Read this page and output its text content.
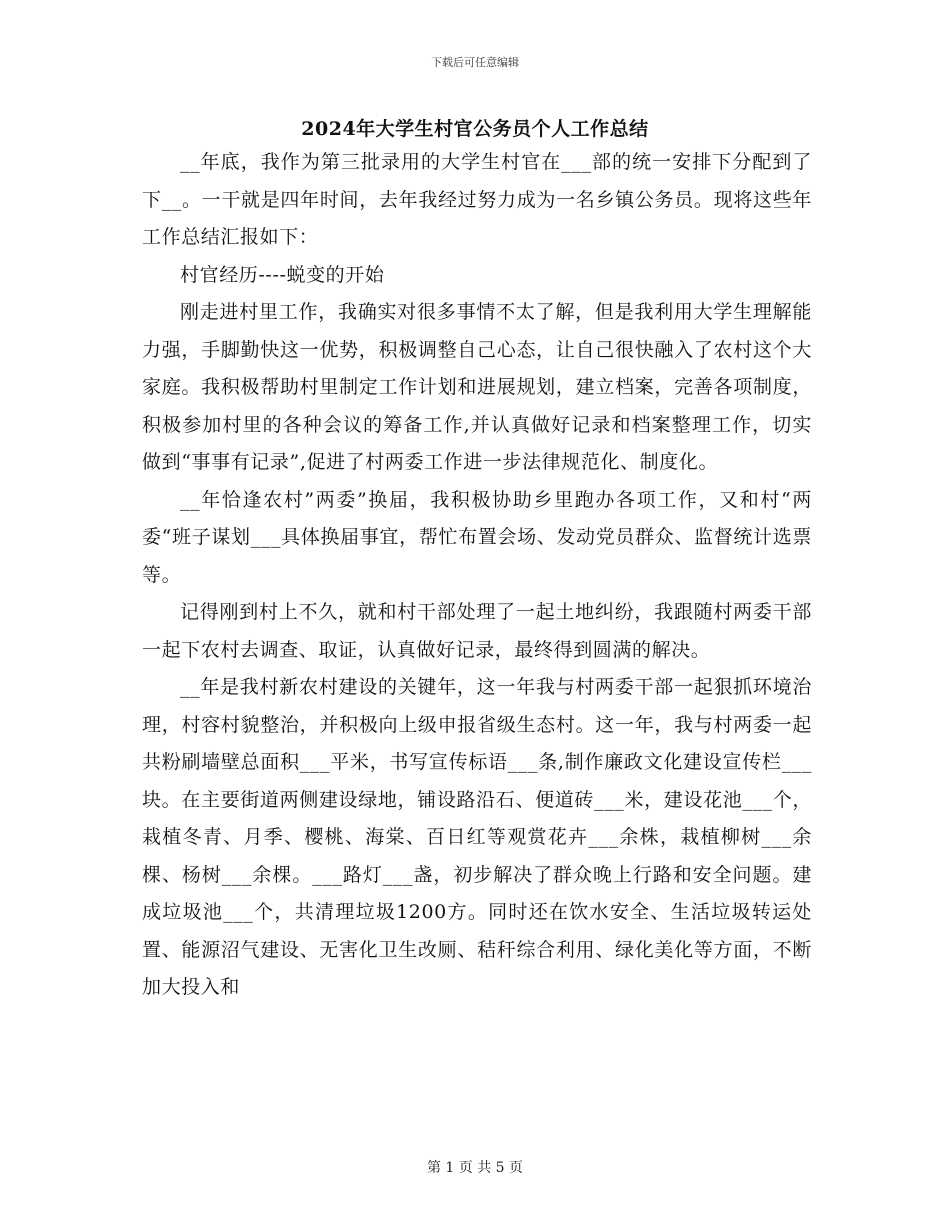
下载后可任意编辑
2024年大学生村官公务员个人工作总结

__年底，我作为第三批录用的大学生村官在___部的统一安排下分配到了下__。一干就是四年时间，去年我经过努力成为一名乡镇公务员。现将这些年工作总结汇报如下：

村官经历----蜕变的开始

刚走进村里工作，我确实对很多事情不太了解，但是我利用大学生理解能力强，手脚勤快这一优势，积极调整自己心态，让自己很快融入了农村这个大家庭。我积极帮助村里制定工作计划和进展规划，建立档案，完善各项制度，积极参加村里的各种会议的筹备工作,并认真做好记录和档案整理工作，切实做到“事事有记录”,促进了村两委工作进一步法律规范化、制度化。

__年恰逢农村”两委”换届，我积极协助乡里跑办各项工作，又和村“两委“班子谋划___具体换届事宜，帮忙布置会场、发动党员群众、监督统计选票等。

记得刚到村上不久，就和村干部处理了一起土地纠纷，我跟随村两委干部一起下农村去调查、取证，认真做好记录，最终得到圆满的解决。

__年是我村新农村建设的关键年，这一年我与村两委干部一起狠抓环境治理，村容村貌整治，并积极向上级申报省级生态村。这一年，我与村两委一起共粉刷墙壁总面积___平米，书写宣传标语___条,制作廉政文化建设宣传栏___块。在主要街道两侧建设绿地，铺设路沿石、便道砖___米，建设花池___个，栽植冬青、月季、樱桃、海棠、百日红等观赏花卉___余株，栽植柳树___余棵、杨树___余棵。___路灯___盏，初步解决了群众晚上行路和安全问题。建成垃圾池___个，共清理垃圾1200方。同时还在饮水安全、生活垃圾转运处置、能源沼气建设、无害化卫生改厕、秸秆综合利用、绿化美化等方面，不断加大投入和

第 1 页 共 5 页
